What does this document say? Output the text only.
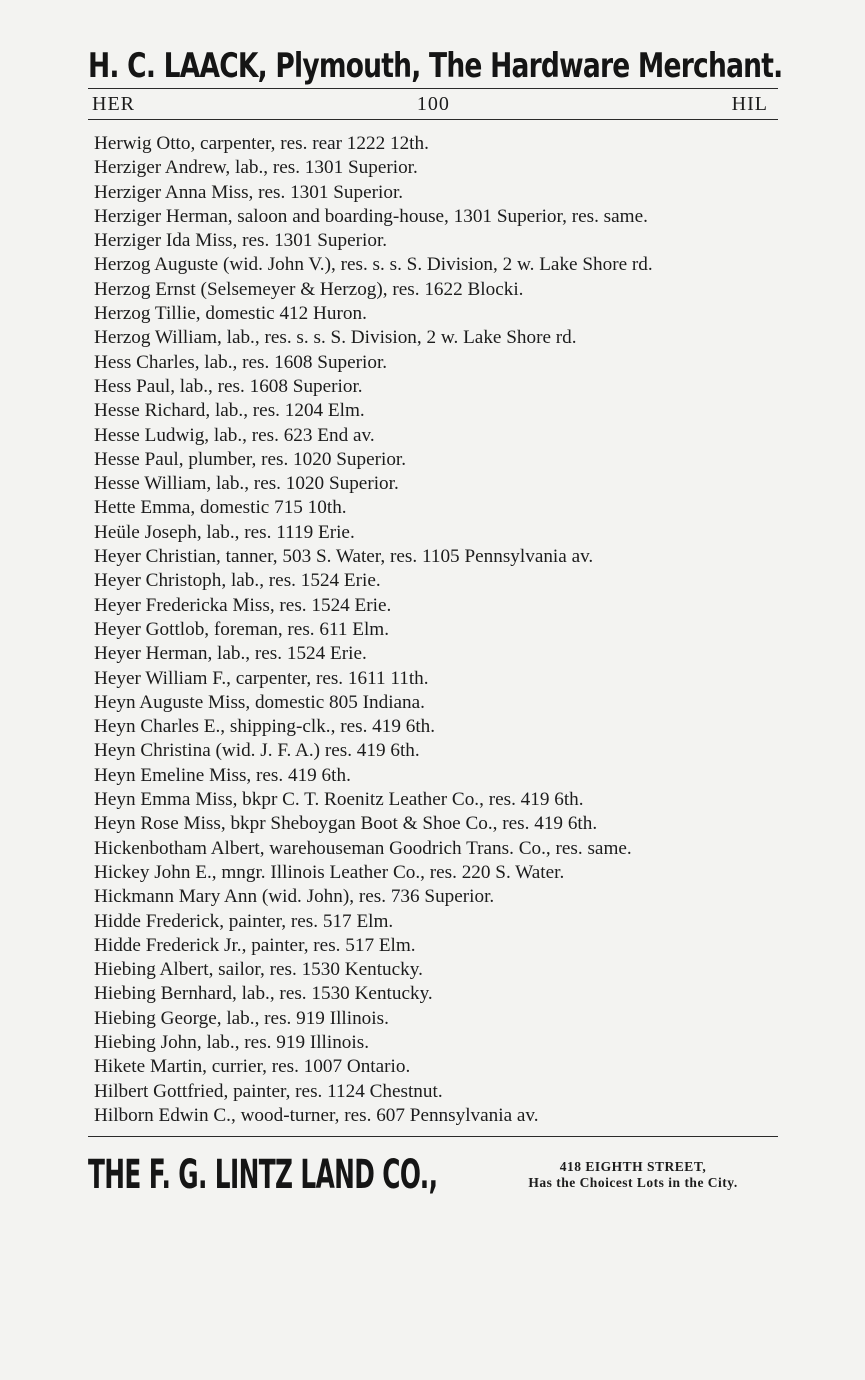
H. C. LAACK, Plymouth, The Hardware Merchant.
HER	100	HIL
Herwig Otto, carpenter, res. rear 1222 12th.
Herziger Andrew, lab., res. 1301 Superior.
Herziger Anna Miss, res. 1301 Superior.
Herziger Herman, saloon and boarding-house, 1301 Superior, res. same.
Herziger Ida Miss, res. 1301 Superior.
Herzog Auguste (wid. John V.), res. s. s. S. Division, 2 w. Lake Shore rd.
Herzog Ernst (Selsemeyer & Herzog), res. 1622 Blocki.
Herzog Tillie, domestic 412 Huron.
Herzog William, lab., res. s. s. S. Division, 2 w. Lake Shore rd.
Hess Charles, lab., res. 1608 Superior.
Hess Paul, lab., res. 1608 Superior.
Hesse Richard, lab., res. 1204 Elm.
Hesse Ludwig, lab., res. 623 End av.
Hesse Paul, plumber, res. 1020 Superior.
Hesse William, lab., res. 1020 Superior.
Hette Emma, domestic 715 10th.
Heüle Joseph, lab., res. 1119 Erie.
Heyer Christian, tanner, 503 S. Water, res. 1105 Pennsylvania av.
Heyer Christoph, lab., res. 1524 Erie.
Heyer Fredericka Miss, res. 1524 Erie.
Heyer Gottlob, foreman, res. 611 Elm.
Heyer Herman, lab., res. 1524 Erie.
Heyer William F., carpenter, res. 1611 11th.
Heyn Auguste Miss, domestic 805 Indiana.
Heyn Charles E., shipping-clk., res. 419 6th.
Heyn Christina (wid. J. F. A.) res. 419 6th.
Heyn Emeline Miss, res. 419 6th.
Heyn Emma Miss, bkpr C. T. Roenitz Leather Co., res. 419 6th.
Heyn Rose Miss, bkpr Sheboygan Boot & Shoe Co., res. 419 6th.
Hickenbotham Albert, warehouseman Goodrich Trans. Co., res. same.
Hickey John E., mngr. Illinois Leather Co., res. 220 S. Water.
Hickmann Mary Ann (wid. John), res. 736 Superior.
Hidde Frederick, painter, res. 517 Elm.
Hidde Frederick Jr., painter, res. 517 Elm.
Hiebing Albert, sailor, res. 1530 Kentucky.
Hiebing Bernhard, lab., res. 1530 Kentucky.
Hiebing George, lab., res. 919 Illinois.
Hiebing John, lab., res. 919 Illinois.
Hikete Martin, currier, res. 1007 Ontario.
Hilbert Gottfried, painter, res. 1124 Chestnut.
Hilborn Edwin C., wood-turner, res. 607 Pennsylvania av.
THE F. G. LINTZ LAND CO.,	418 EIGHTH STREET,
Has the Choicest Lots in the City.
